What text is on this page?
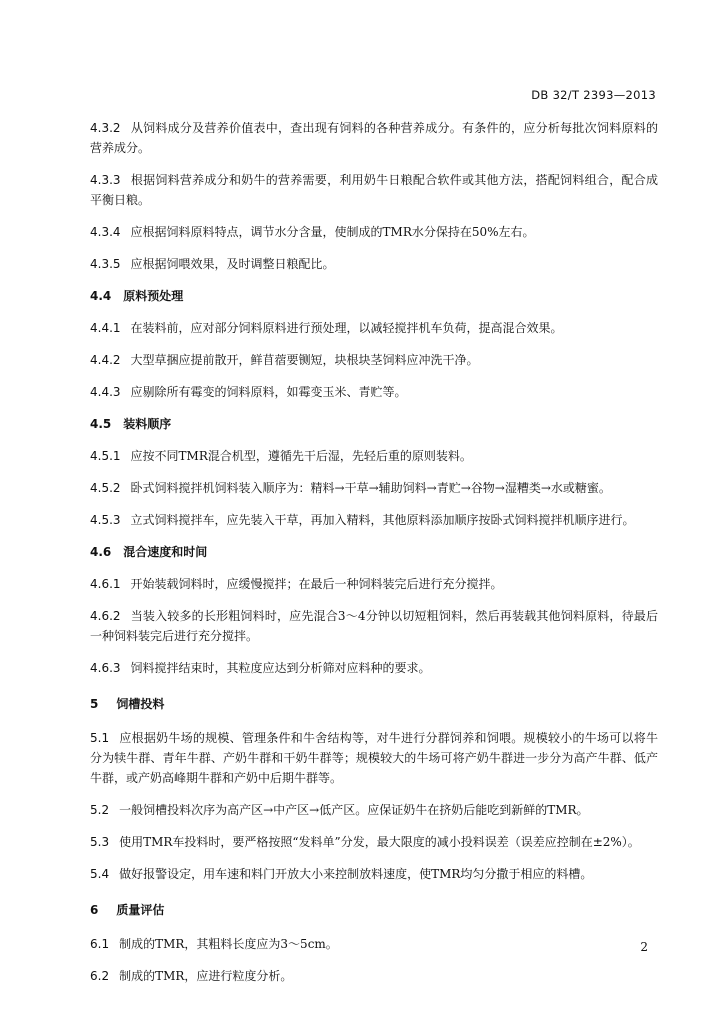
DB 32/T 2393—2013
4.3.2 从饲料成分及营养价值表中，查出现有饲料的各种营养成分。有条件的，应分析每批次饲料原料的营养成分。
4.3.3 根据饲料营养成分和奶牛的营养需要，利用奶牛日粮配合软件或其他方法，搭配饲料组合，配合成平衡日粮。
4.3.4 应根据饲料原料特点，调节水分含量，使制成的TMR水分保持在50%左右。
4.3.5 应根据饲喂效果，及时调整日粮配比。
4.4 原料预处理
4.4.1 在装料前，应对部分饲料原料进行预处理，以减轻搅拌机车负荷，提高混合效果。
4.4.2 大型草捆应提前散开，鲜苜蓿要铡短，块根块茎饲料应冲洗干净。
4.4.3 应剔除所有霉变的饲料原料，如霉变玉米、青贮等。
4.5 装料顺序
4.5.1 应按不同TMR混合机型，遵循先干后湿，先轻后重的原则装料。
4.5.2 卧式饲料搅拌机饲料装入顺序为：精料→干草→辅助饲料→青贮→谷物→湿糟类→水或糖蜜。
4.5.3 立式饲料搅拌车，应先装入干草，再加入精料，其他原料添加顺序按卧式饲料搅拌机顺序进行。
4.6 混合速度和时间
4.6.1 开始装载饲料时，应缓慢搅拌；在最后一种饲料装完后进行充分搅拌。
4.6.2 当装入较多的长形粗饲料时，应先混合3～4分钟以切短粗饲料，然后再装载其他饲料原料，待最后一种饲料装完后进行充分搅拌。
4.6.3 饲料搅拌结束时，其粒度应达到分析筛对应料种的要求。
5 饲槽投料
5.1 应根据奶牛场的规模、管理条件和牛舍结构等，对牛进行分群饲养和饲喂。规模较小的牛场可以将牛分为犊牛群、青年牛群、产奶牛群和干奶牛群等；规模较大的牛场可将产奶牛群进一步分为高产牛群、低产牛群，或产奶高峰期牛群和产奶中后期牛群等。
5.2 一般饲槽投料次序为高产区→中产区→低产区。应保证奶牛在挤奶后能吃到新鲜的TMR。
5.3 使用TMR车投料时，要严格按照“发料单”分发，最大限度的减小投料误差（误差应控制在±2%）。
5.4 做好报警设定，用车速和料门开放大小来控制放料速度，使TMR均匀分撒于相应的料槽。
6 质量评估
6.1 制成的TMR，其粗料长度应为3～5cm。
6.2 制成的TMR，应进行粒度分析。
2
